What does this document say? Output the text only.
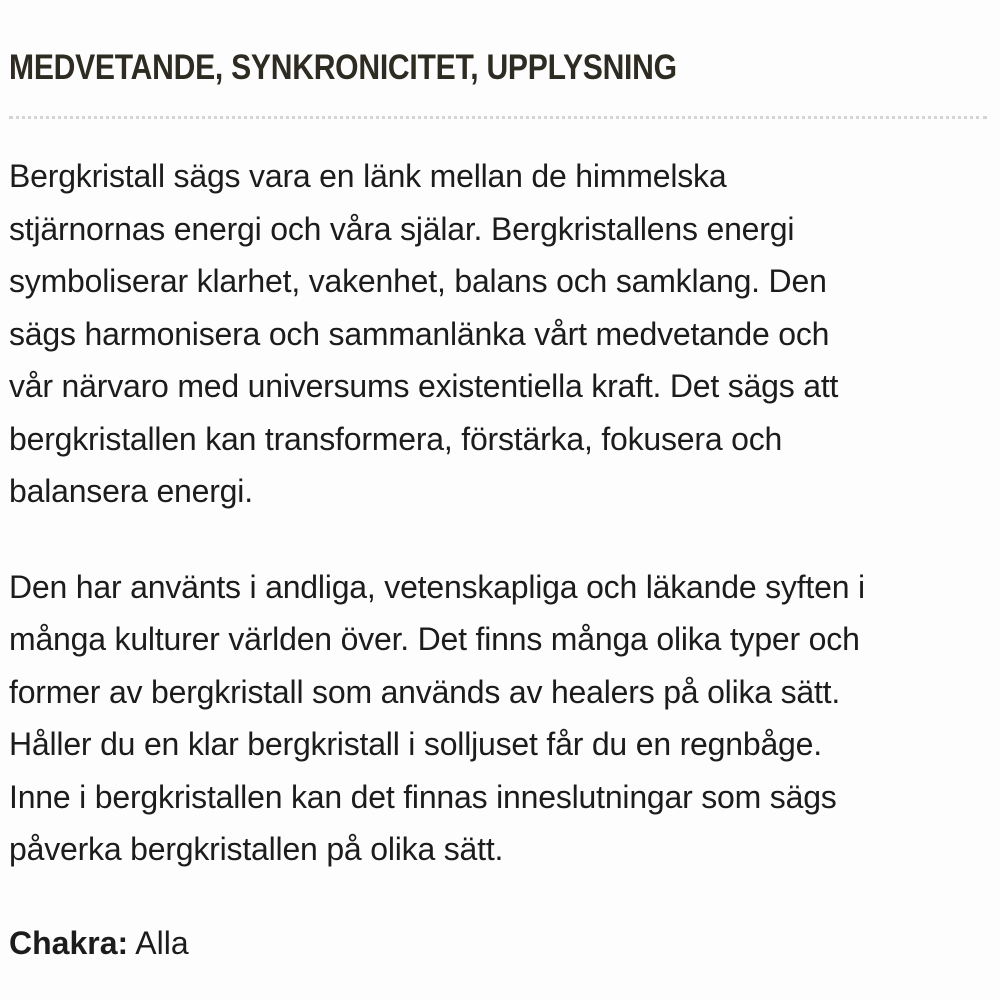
MEDVETANDE, SYNKRONICITET, UPPLYSNING

Bergkristall sägs vara en länk mellan de himmelska
stjärnornas energi och våra själar. Bergkristallens energi
symboliserar klarhet, vakenhet, balans och samklang. Den
sägs harmonisera och sammanlänka vårt medvetande och
vår närvaro med universums existentiella kraft. Det sägs att
bergkristallen kan transformera, förstärka, fokusera och
balansera energi.

Den har använts i andliga, vetenskapliga och läkande syften i
många kulturer världen över. Det finns många olika typer och
former av bergkristall som används av healers på olika sätt.
Håller du en klar bergkristall i solljuset får du en regnbåge.
Inne i bergkristallen kan det finnas inneslutningar som sägs
påverka bergkristallen på olika sätt.

Chakra: Alla
